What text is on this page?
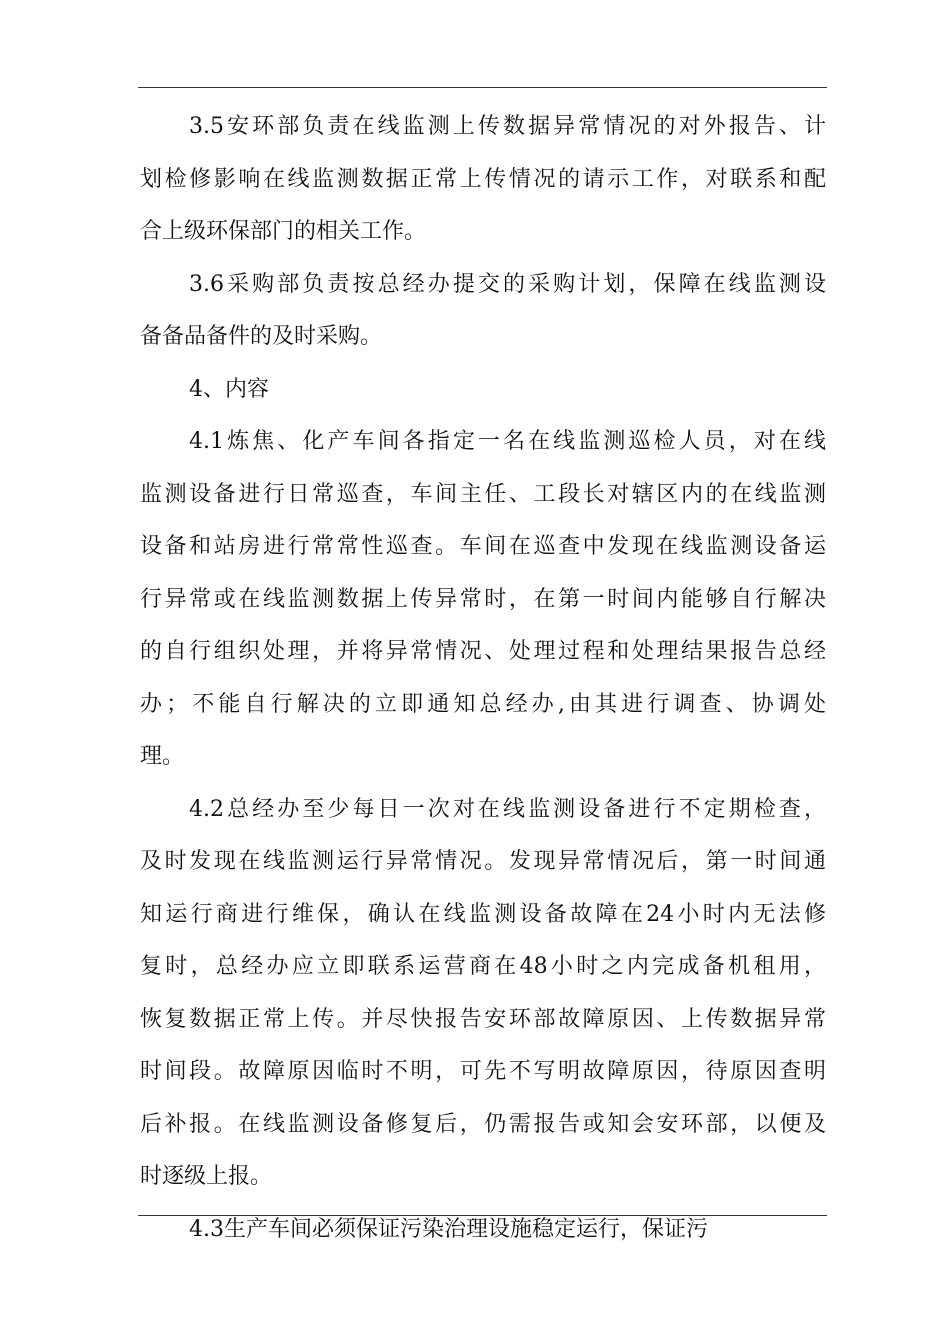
3.5安环部负责在线监测上传数据异常情况的对外报告、计
划检修影响在线监测数据正常上传情况的请示工作，对联系和配
合上级环保部门的相关工作。
3.6采购部负责按总经办提交的采购计划，保障在线监测设
备备品备件的及时采购。
4、内容
4.1炼焦、化产车间各指定一名在线监测巡检人员，对在线
监测设备进行日常巡查，车间主任、工段长对辖区内的在线监测
设备和站房进行常常性巡查。车间在巡查中发现在线监测设备运
行异常或在线监测数据上传异常时，在第一时间内能够自行解决
的自行组织处理，并将异常情况、处理过程和处理结果报告总经
办；不能自行解决的立即通知总经办,由其进行调查、协调处
理。
4.2总经办至少每日一次对在线监测设备进行不定期检查，
及时发现在线监测运行异常情况。发现异常情况后，第一时间通
知运行商进行维保，确认在线监测设备故障在24小时内无法修
复时，总经办应立即联系运营商在48小时之内完成备机租用，
恢复数据正常上传。并尽快报告安环部故障原因、上传数据异常
时间段。故障原因临时不明，可先不写明故障原因，待原因查明
后补报。在线监测设备修复后，仍需报告或知会安环部，以便及
时逐级上报。
4.3生产车间必须保证污染治理设施稳定运行，保证污
